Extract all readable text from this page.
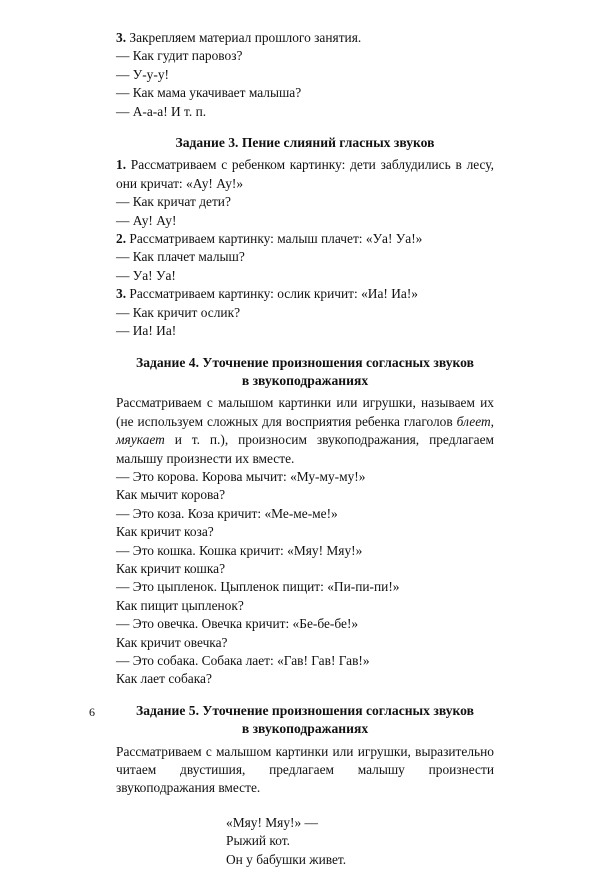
3. Закрепляем материал прошлого занятия.

— Как гудит паровоз?

— У-у-у!

— Как мама укачивает малыша?

— А-а-а! И т. п.

Задание 3. Пение слияний гласных звуков

1. Рассматриваем с ребенком картинку: дети заблудились в лесу, они кричат: «Ау! Ау!»

— Как кричат дети?

— Ау! Ау!

2. Рассматриваем картинку: малыш плачет: «Уа! Уа!»

— Как плачет малыш?

— Уа! Уа!

3. Рассматриваем картинку: ослик кричит: «Иа! Иа!»

— Как кричит ослик?

— Иа! Иа!

Задание 4. Уточнение произношения согласных звуков
в звукоподражаниях

Рассматриваем с малышом картинки или игрушки, называем их (не используем сложных для восприятия ребенка глаголов блеет, мяукает и т. п.), произносим звукоподражания, предлагаем малышу произнести их вместе.

— Это корова. Корова мычит: «Му-му-му!»

Как мычит корова?

— Это коза. Коза кричит: «Ме-ме-ме!»

Как кричит коза?

— Это кошка. Кошка кричит: «Мяу! Мяу!»

Как кричит кошка?

— Это цыпленок. Цыпленок пищит: «Пи-пи-пи!»

Как пищит цыпленок?

— Это овечка. Овечка кричит: «Бе-бе-бе!»

Как кричит овечка?

— Это собака. Собака лает: «Гав! Гав! Гав!»

Как лает собака?

Задание 5. Уточнение произношения согласных звуков
в звукоподражаниях

Рассматриваем с малышом картинки или игрушки, выразительно читаем двустишия, предлагаем малышу произнести звукоподражания вместе.

«Мяу! Мяу!» —

Рыжий кот.

Он у бабушки живет.

6
